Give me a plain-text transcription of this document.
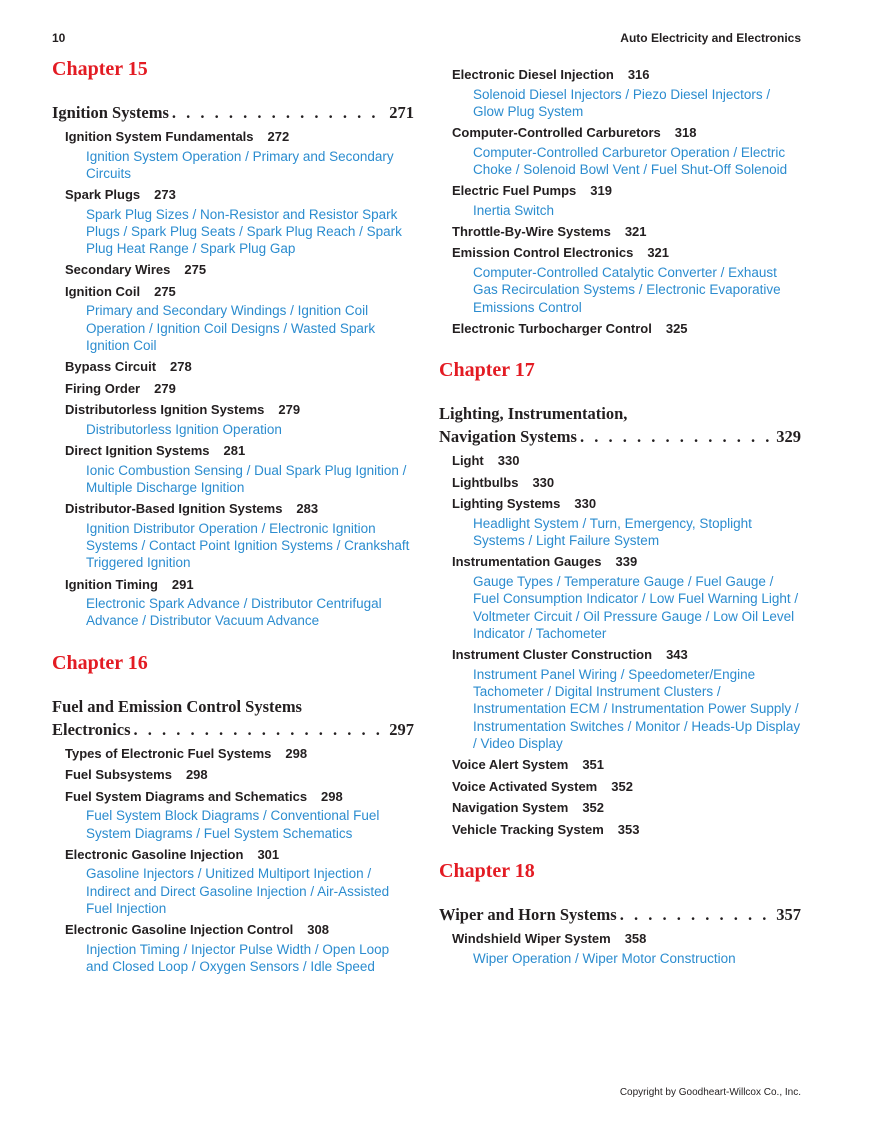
10	Auto Electricity and Electronics
Chapter 15
Ignition Systems . . .	271
Ignition System Fundamentals 272
Ignition System Operation / Primary and Secondary Circuits
Spark Plugs 273
Spark Plug Sizes / Non-Resistor and Resistor Spark Plugs / Spark Plug Seats / Spark Plug Reach / Spark Plug Heat Range / Spark Plug Gap
Secondary Wires 275
Ignition Coil 275
Primary and Secondary Windings / Ignition Coil Operation / Ignition Coil Designs / Wasted Spark Ignition Coil
Bypass Circuit 278
Firing Order 279
Distributorless Ignition Systems 279
Distributorless Ignition Operation
Direct Ignition Systems 281
Ionic Combustion Sensing / Dual Spark Plug Ignition / Multiple Discharge Ignition
Distributor-Based Ignition Systems 283
Ignition Distributor Operation / Electronic Ignition Systems / Contact Point Ignition Systems / Crankshaft Triggered Ignition
Ignition Timing 291
Electronic Spark Advance / Distributor Centrifugal Advance / Distributor Vacuum Advance
Chapter 16
Fuel and Emission Control Systems
Electronics . . .	297
Types of Electronic Fuel Systems 298
Fuel Subsystems 298
Fuel System Diagrams and Schematics 298
Fuel System Block Diagrams / Conventional Fuel System Diagrams / Fuel System Schematics
Electronic Gasoline Injection 301
Gasoline Injectors / Unitized Multiport Injection / Indirect and Direct Gasoline Injection / Air-Assisted Fuel Injection
Electronic Gasoline Injection Control 308
Injection Timing / Injector Pulse Width / Open Loop and Closed Loop / Oxygen Sensors / Idle Speed
Electronic Diesel Injection 316
Solenoid Diesel Injectors / Piezo Diesel Injectors / Glow Plug System
Computer-Controlled Carburetors 318
Computer-Controlled Carburetor Operation / Electric Choke / Solenoid Bowl Vent / Fuel Shut-Off Solenoid
Electric Fuel Pumps 319
Inertia Switch
Throttle-By-Wire Systems 321
Emission Control Electronics 321
Computer-Controlled Catalytic Converter / Exhaust Gas Recirculation Systems / Electronic Evaporative Emissions Control
Electronic Turbocharger Control 325
Chapter 17
Lighting, Instrumentation,
Navigation Systems . . .	329
Light 330
Lightbulbs 330
Lighting Systems 330
Headlight System / Turn, Emergency, Stoplight Systems / Light Failure System
Instrumentation Gauges 339
Gauge Types / Temperature Gauge / Fuel Gauge / Fuel Consumption Indicator / Low Fuel Warning Light / Voltmeter Circuit / Oil Pressure Gauge / Low Oil Level Indicator / Tachometer
Instrument Cluster Construction 343
Instrument Panel Wiring / Speedometer/Engine Tachometer / Digital Instrument Clusters / Instrumentation ECM / Instrumentation Power Supply / Instrumentation Switches / Monitor / Heads-Up Display / Video Display
Voice Alert System 351
Voice Activated System 352
Navigation System 352
Vehicle Tracking System 353
Chapter 18
Wiper and Horn Systems . . .	357
Windshield Wiper System 358
Wiper Operation / Wiper Motor Construction
Copyright by Goodheart-Willcox Co., Inc.
